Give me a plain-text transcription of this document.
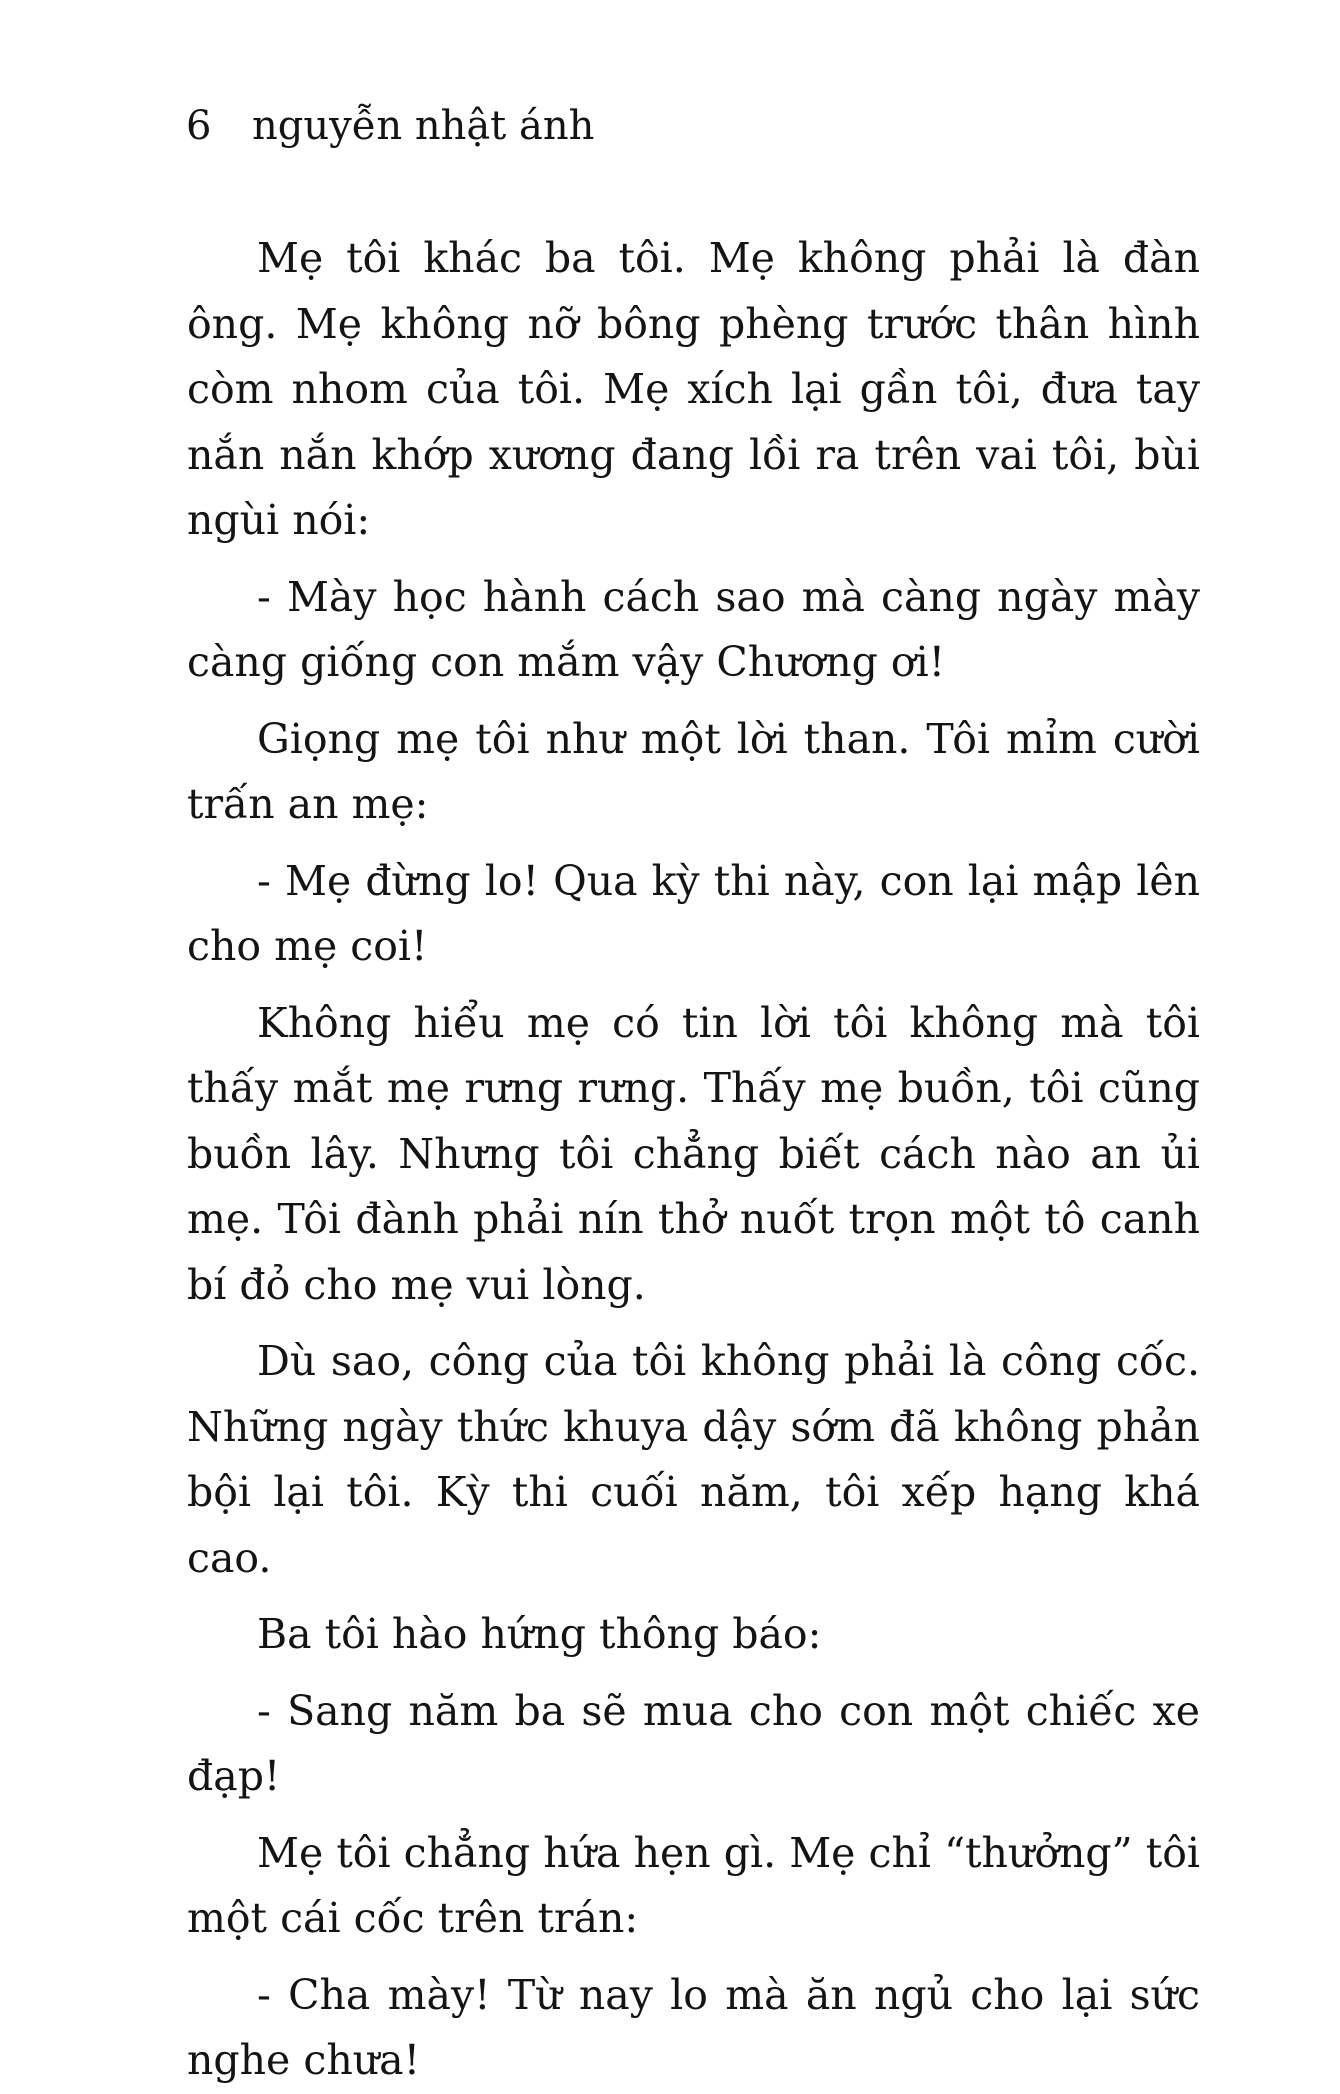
6 nguyễn nhật ánh

Mẹ tôi khác ba tôi. Mẹ không phải là đàn ông. Mẹ không nỡ bông phèng trước thân hình còm nhom của tôi. Mẹ xích lại gần tôi, đưa tay nắn nắn khớp xương đang lồi ra trên vai tôi, bùi ngùi nói:

- Mày học hành cách sao mà càng ngày mày càng giống con mắm vậy Chương ơi!

Giọng mẹ tôi như một lời than. Tôi mỉm cười trấn an mẹ:

- Mẹ đừng lo! Qua kỳ thi này, con lại mập lên cho mẹ coi!

Không hiểu mẹ có tin lời tôi không mà tôi thấy mắt mẹ rưng rưng. Thấy mẹ buồn, tôi cũng buồn lây. Nhưng tôi chẳng biết cách nào an ủi mẹ. Tôi đành phải nín thở nuốt trọn một tô canh bí đỏ cho mẹ vui lòng.

Dù sao, công của tôi không phải là công cốc. Những ngày thức khuya dậy sớm đã không phản bội lại tôi. Kỳ thi cuối năm, tôi xếp hạng khá cao.

Ba tôi hào hứng thông báo:

- Sang năm ba sẽ mua cho con một chiếc xe đạp!

Mẹ tôi chẳng hứa hẹn gì. Mẹ chỉ “thưởng” tôi một cái cốc trên trán:

- Cha mày! Từ nay lo mà ăn ngủ cho lại sức nghe chưa!
